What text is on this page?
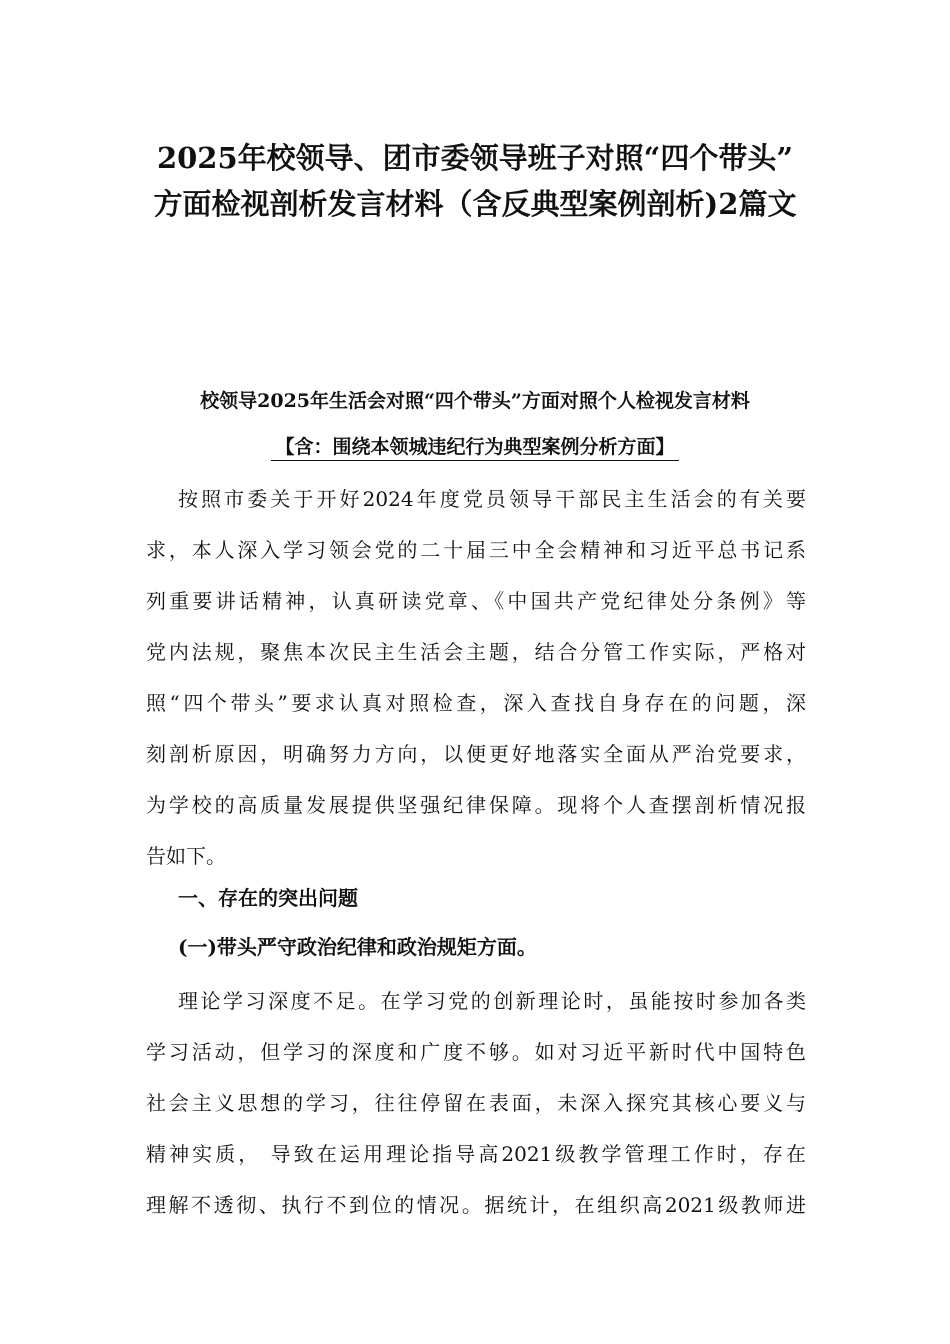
2025年校领导、团市委领导班子对照“四个带头”
方面检视剖析发言材料（含反典型案例剖析)2篇文
校领导2025年生活会对照“四个带头”方面对照个人检视发言材料
【含：围绕本领城违纪行为典型案例分析方面】

按照市委关于开好2024年度党员领导干部民主生活会的有关要

求，本人深入学习领会党的二十届三中全会精神和习近平总书记系

列重要讲话精神，认真研读党章、《中国共产党纪律处分条例》等

党内法规，聚焦本次民主生活会主题，结合分管工作实际，严格对

照“四个带头”要求认真对照检查，深入查找自身存在的问题，深

刻剖析原因，明确努力方向，以便更好地落实全面从严治党要求，

为学校的高质量发展提供坚强纪律保障。现将个人查摆剖析情况报

告如下。

一、存在的突出问题

(一)带头严守政治纪律和政治规矩方面。

理论学习深度不足。在学习党的创新理论时，虽能按时参加各类

学习活动，但学习的深度和广度不够。如对习近平新时代中国特色

社会主义思想的学习，往往停留在表面，未深入探究其核心要义与

精神实质， 导致在运用理论指导高2021级教学管理工作时，存在

理解不透彻、执行不到位的情况。据统计，在组织高2021级教师进
